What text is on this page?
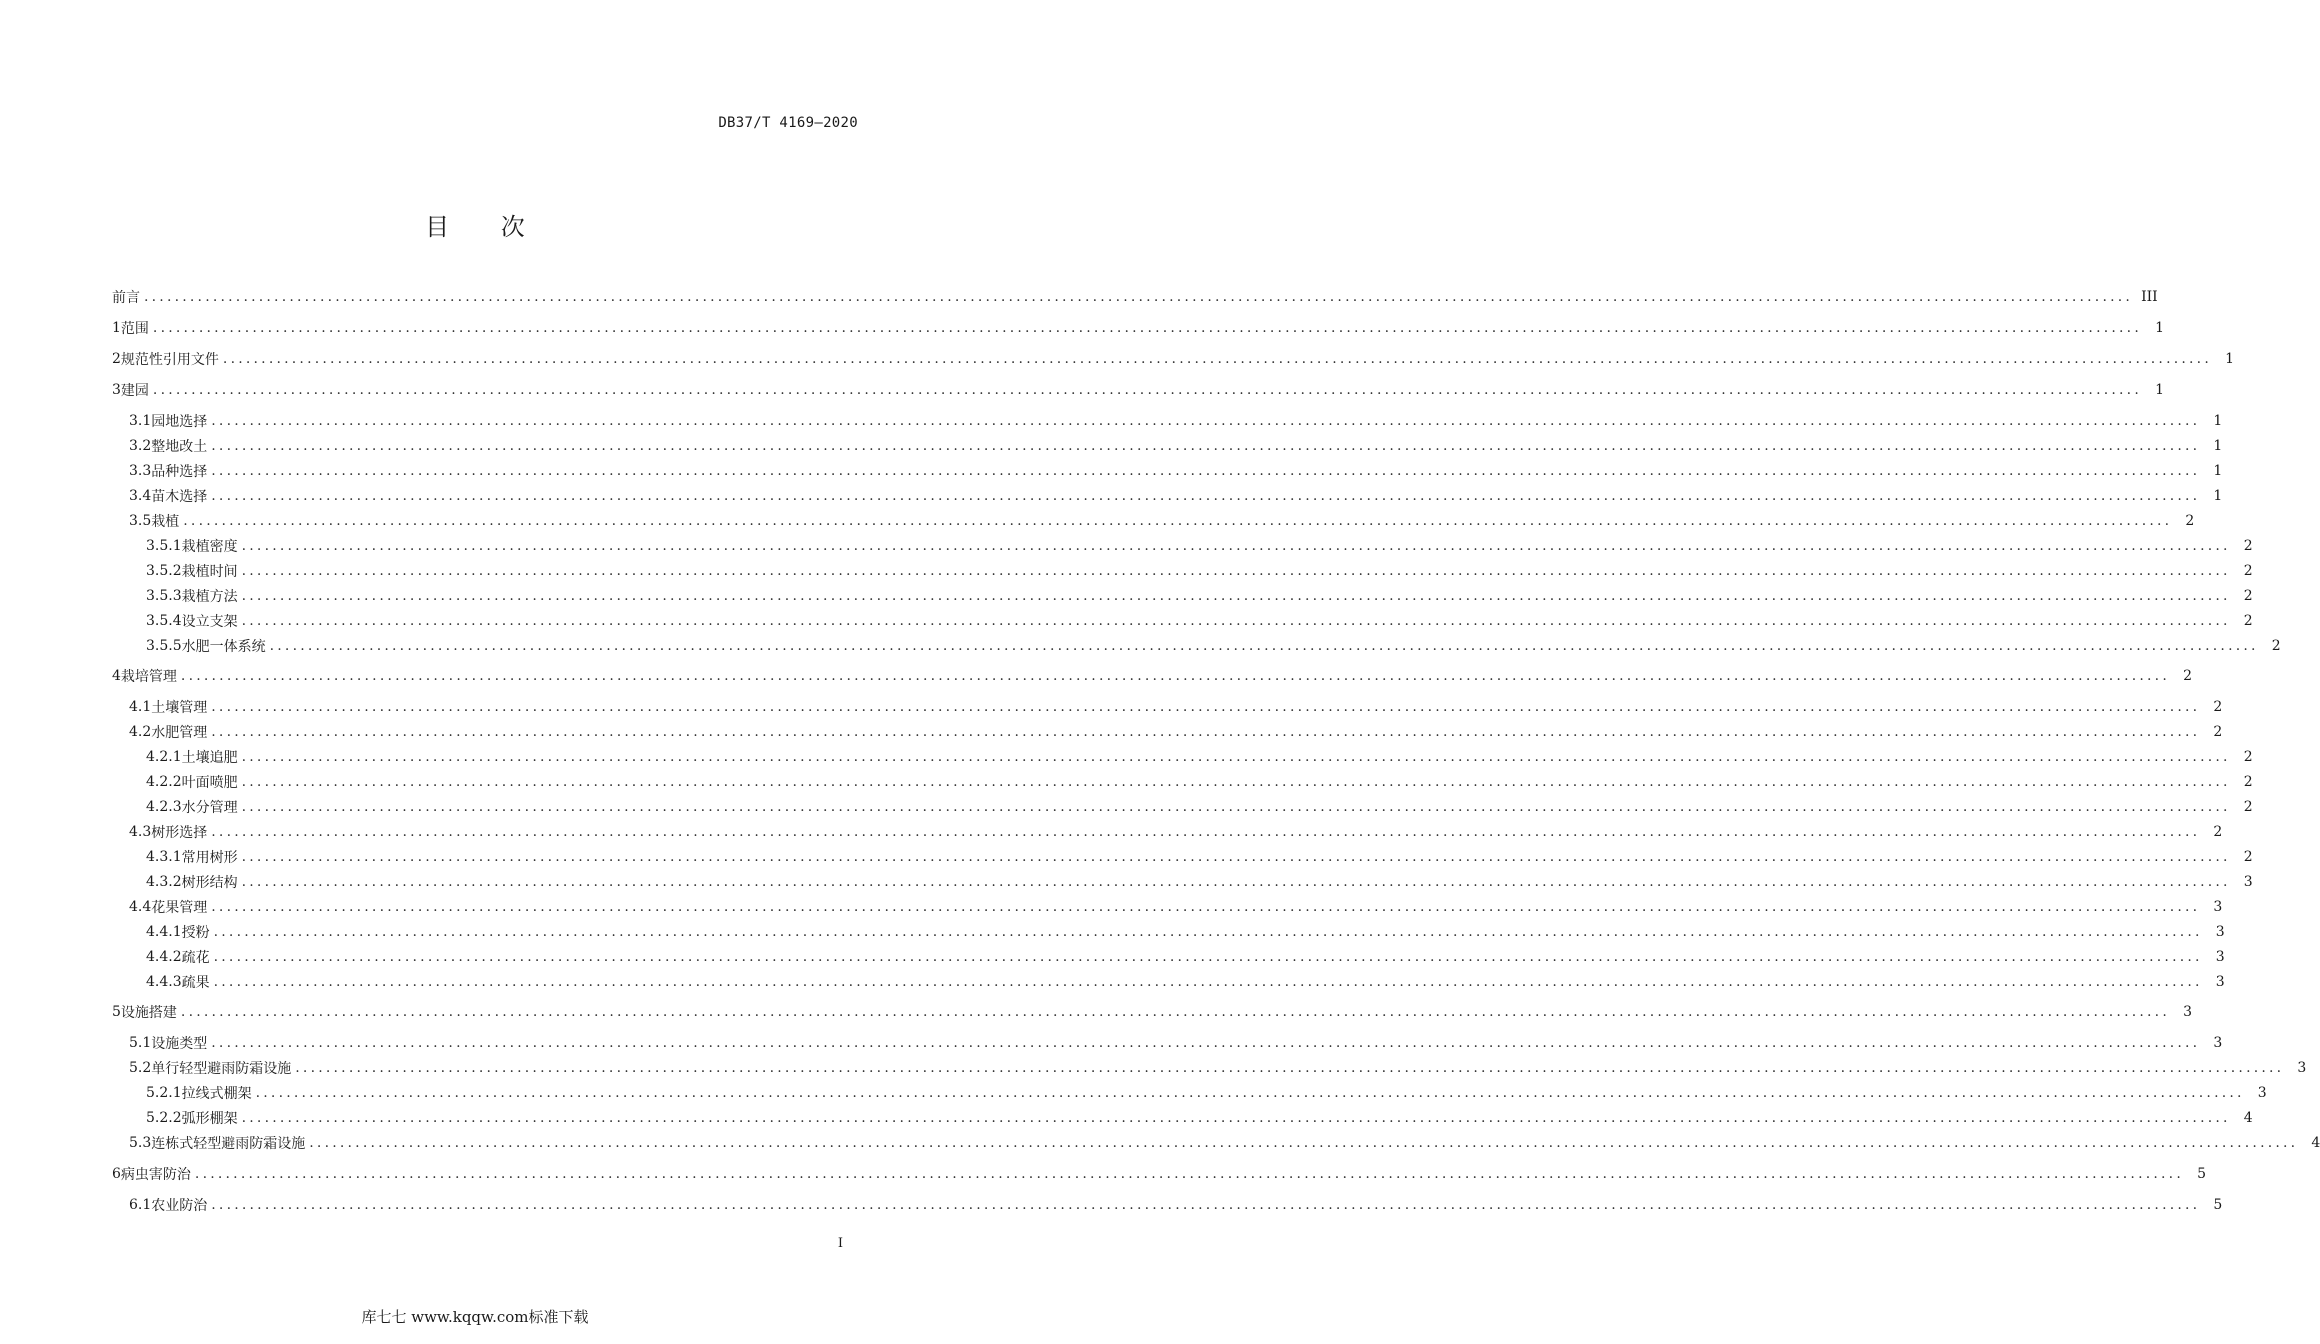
DB37/T 4169—2020
目 次
前言 .................................................................................................................................................................................................................................................................... III
1 范围 .................................................................................................................................................................................................................................................................... 1
2 规范性引用文件 .................................................................................................................................................................................................................................................................... 1
3 建园 .................................................................................................................................................................................................................................................................... 1
3.1 园地选择 .................................................................................................................................................................................................................................................................... 1
3.2 整地改土 .................................................................................................................................................................................................................................................................... 1
3.3 品种选择 .................................................................................................................................................................................................................................................................... 1
3.4 苗木选择 .................................................................................................................................................................................................................................................................... 1
3.5 栽植 .................................................................................................................................................................................................................................................................... 2
3.5.1 栽植密度 .................................................................................................................................................................................................................................................................... 2
3.5.2 栽植时间 .................................................................................................................................................................................................................................................................... 2
3.5.3 栽植方法 .................................................................................................................................................................................................................................................................... 2
3.5.4 设立支架 .................................................................................................................................................................................................................................................................... 2
3.5.5 水肥一体系统 .................................................................................................................................................................................................................................................................... 2
4 栽培管理 .................................................................................................................................................................................................................................................................... 2
4.1 土壤管理 .................................................................................................................................................................................................................................................................... 2
4.2 水肥管理 .................................................................................................................................................................................................................................................................... 2
4.2.1 土壤追肥 .................................................................................................................................................................................................................................................................... 2
4.2.2 叶面喷肥 .................................................................................................................................................................................................................................................................... 2
4.2.3 水分管理 .................................................................................................................................................................................................................................................................... 2
4.3 树形选择 .................................................................................................................................................................................................................................................................... 2
4.3.1 常用树形 .................................................................................................................................................................................................................................................................... 2
4.3.2 树形结构 .................................................................................................................................................................................................................................................................... 3
4.4 花果管理 .................................................................................................................................................................................................................................................................... 3
4.4.1 授粉 .................................................................................................................................................................................................................................................................... 3
4.4.2 疏花 .................................................................................................................................................................................................................................................................... 3
4.4.3 疏果 .................................................................................................................................................................................................................................................................... 3
5 设施搭建 .................................................................................................................................................................................................................................................................... 3
5.1 设施类型 .................................................................................................................................................................................................................................................................... 3
5.2 单行轻型避雨防霜设施 .................................................................................................................................................................................................................................................................... 3
5.2.1 拉线式棚架 .................................................................................................................................................................................................................................................................... 3
5.2.2 弧形棚架 .................................................................................................................................................................................................................................................................... 4
5.3 连栋式轻型避雨防霜设施 .................................................................................................................................................................................................................................................................... 4
6 病虫害防治 .................................................................................................................................................................................................................................................................... 5
6.1 农业防治 .................................................................................................................................................................................................................................................................... 5
I
库七七 www.kqqw.com标准下载
